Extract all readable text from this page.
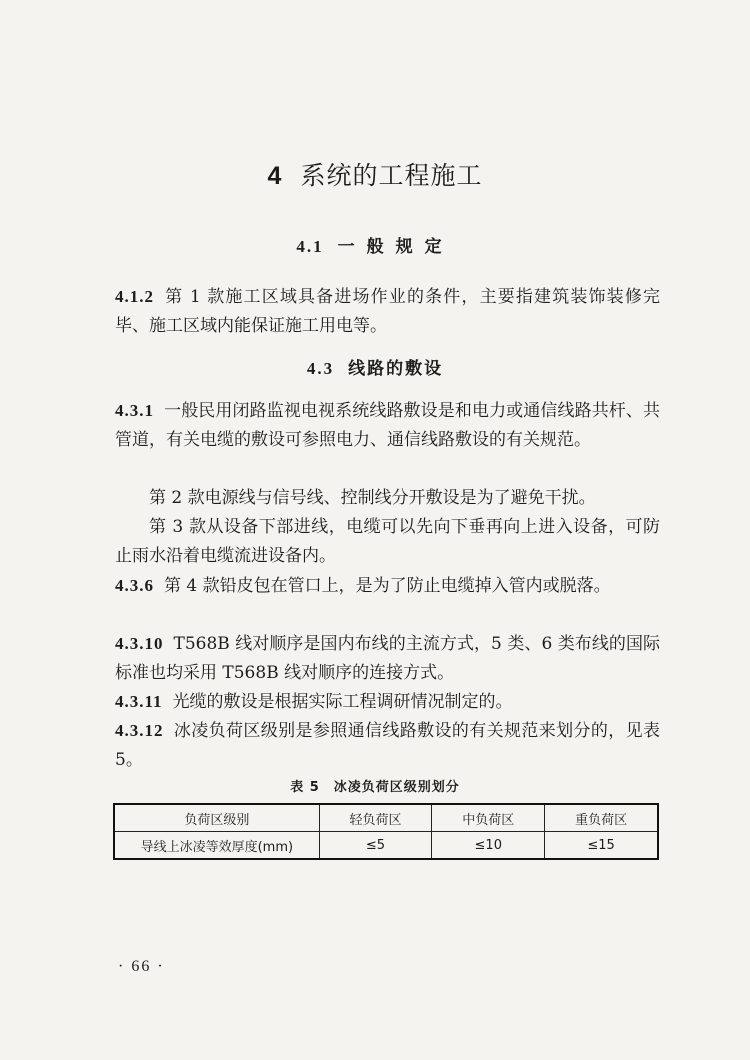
4 系统的工程施工
4.1 一般规定
4.1.2 第 1 款施工区域具备进场作业的条件，主要指建筑装饰装修完毕、施工区域内能保证施工用电等。
4.3 线路的敷设
4.3.1 一般民用闭路监视电视系统线路敷设是和电力或通信线路共杆、共管道，有关电缆的敷设可参照电力、通信线路敷设的有关规范。
第 2 款电源线与信号线、控制线分开敷设是为了避免干扰。
第 3 款从设备下部进线，电缆可以先向下垂再向上进入设备，可防止雨水沿着电缆流进设备内。
4.3.6 第 4 款铅皮包在管口上，是为了防止电缆掉入管内或脱落。
4.3.10 T568B 线对顺序是国内布线的主流方式，5 类、6 类布线的国际标准也均采用 T568B 线对顺序的连接方式。
4.3.11 光缆的敷设是根据实际工程调研情况制定的。
4.3.12 冰凌负荷区级别是参照通信线路敷设的有关规范来划分的，见表 5。
表 5 冰凌负荷区级别划分
负荷区级别	轻负荷区	中负荷区	重负荷区
导线上冰凌等效厚度(mm)	≤5	≤10	≤15
· 66 ·
